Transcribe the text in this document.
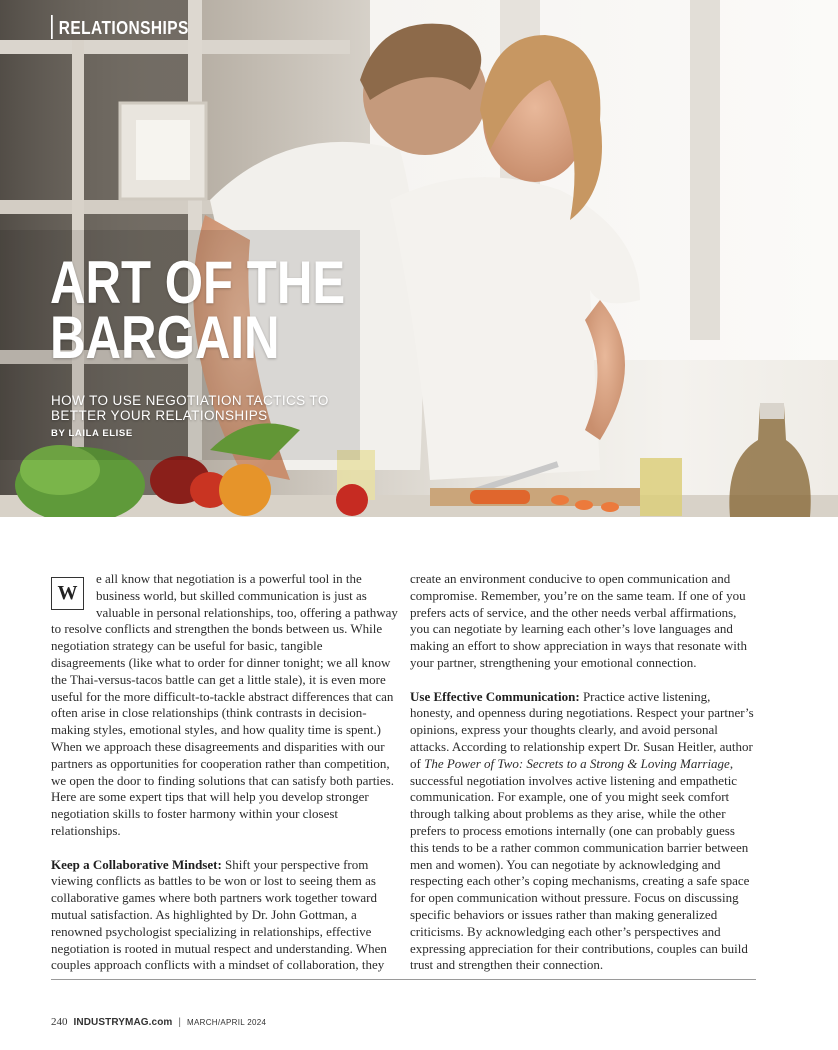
RELATIONSHIPS
ART OF THE
BARGAIN

HOW TO USE NEGOTIATION TACTICS TO
BETTER YOUR RELATIONSHIPS

BY LAILA ELISE

W
e all know that negotiation is a powerful tool in the business world, but skilled communication is just as valuable in personal relationships, too, offering a pathway to resolve conflicts and strengthen the bonds between us. While negotiation strategy can be useful for basic, tangible disagreements (like what to order for dinner tonight; we all know the Thai-versus-tacos battle can get a little stale), it is even more useful for the more difficult-to-tackle abstract differences that can often arise in close relationships (think contrasts in decision-making styles, emotional styles, and how quality time is spent.) When we approach these disagreements and disparities with our partners as opportunities for cooperation rather than competition, we open the door to finding solutions that can satisfy both parties. Here are some expert tips that will help you develop stronger negotiation skills to foster harmony within your closest relationships.

Keep a Collaborative Mindset: Shift your perspective from viewing conflicts as battles to be won or lost to seeing them as collaborative games where both partners work together toward mutual satisfaction. As highlighted by Dr. John Gottman, a renowned psychologist specializing in relationships, effective negotiation is rooted in mutual respect and understanding. When couples approach conflicts with a mindset of collaboration, they

create an environment conducive to open communication and compromise. Remember, you’re on the same team. If one of you prefers acts of service, and the other needs verbal affirmations, you can negotiate by learning each other’s love languages and making an effort to show appreciation in ways that resonate with your partner, strengthening your emotional connection.

Use Effective Communication: Practice active listening, honesty, and openness during negotiations. Respect your partner’s opinions, express your thoughts clearly, and avoid personal attacks. According to relationship expert Dr. Susan Heitler, author of The Power of Two: Secrets to a Strong & Loving Marriage, successful negotiation involves active listening and empathetic communication. For example, one of you might seek comfort through talking about problems as they arise, while the other prefers to process emotions internally (one can probably guess this tends to be a rather common communication barrier between men and women). You can negotiate by acknowledging and respecting each other’s coping mechanisms, creating a safe space for open communication without pressure. Focus on discussing specific behaviors or issues rather than making generalized criticisms. By acknowledging each other’s perspectives and expressing appreciation for their contributions, couples can build trust and strengthen their connection.

240 INDUSTRYMAG.com | MARCH/APRIL 2024
